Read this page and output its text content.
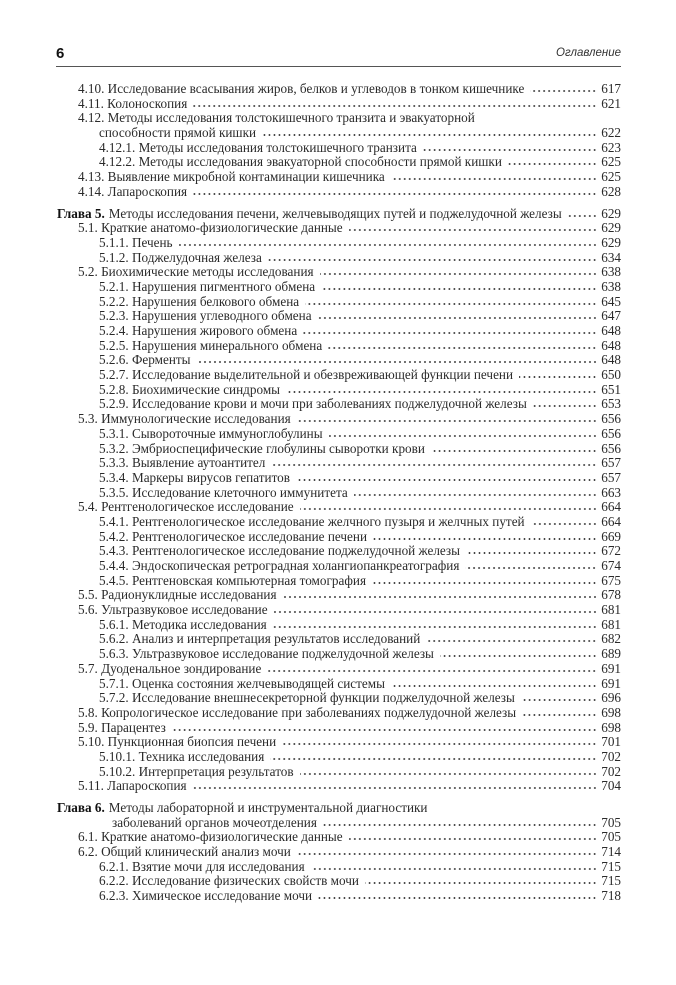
6	Оглавление
4.10. Исследование всасывания жиров, белков и углеводов в тонком кишечнике	617
4.11. Колоноскопия	621
4.12. Методы исследования толстокишечного транзита и эвакуаторной
способности прямой кишки	622
4.12.1. Методы исследования толстокишечного транзита	623
4.12.2. Методы исследования эвакуаторной способности прямой кишки	625
4.13. Выявление микробной контаминации кишечника	625
4.14. Лапароскопия	628
Глава 5. Методы исследования печени, желчевыводящих путей и поджелудочной железы	629
5.1. Краткие анатомо-физиологические данные	629
5.1.1. Печень	629
5.1.2. Поджелудочная железа	634
5.2. Биохимические методы исследования	638
5.2.1. Нарушения пигментного обмена	638
5.2.2. Нарушения белкового обмена	645
5.2.3. Нарушения углеводного обмена	647
5.2.4. Нарушения жирового обмена	648
5.2.5. Нарушения минерального обмена	648
5.2.6. Ферменты	648
5.2.7. Исследование выделительной и обезвреживающей функции печени	650
5.2.8. Биохимические синдромы	651
5.2.9. Исследование крови и мочи при заболеваниях поджелудочной железы	653
5.3. Иммунологические исследования	656
5.3.1. Сывороточные иммуноглобулины	656
5.3.2. Эмбриоспецифические глобулины сыворотки крови	656
5.3.3. Выявление аутоантител	657
5.3.4. Маркеры вирусов гепатитов	657
5.3.5. Исследование клеточного иммунитета	663
5.4. Рентгенологическое исследование	664
5.4.1. Рентгенологическое исследование желчного пузыря и желчных путей	664
5.4.2. Рентгенологическое исследование печени	669
5.4.3. Рентгенологическое исследование поджелудочной железы	672
5.4.4. Эндоскопическая ретроградная холангиопанкреатография	674
5.4.5. Рентгеновская компьютерная томография	675
5.5. Радионуклидные исследования	678
5.6. Ультразвуковое исследование	681
5.6.1. Методика исследования	681
5.6.2. Анализ и интерпретация результатов исследований	682
5.6.3. Ультразвуковое исследование поджелудочной железы	689
5.7. Дуоденальное зондирование	691
5.7.1. Оценка состояния желчевыводящей системы	691
5.7.2. Исследование внешнесекреторной функции поджелудочной железы	696
5.8. Копрологическое исследование при заболеваниях поджелудочной железы	698
5.9. Парацентез	698
5.10. Пункционная биопсия печени	701
5.10.1. Техника исследования	702
5.10.2. Интерпретация результатов	702
5.11. Лапароскопия	704
Глава 6. Методы лабораторной и инструментальной диагностики
заболеваний органов мочеотделения	705
6.1. Краткие анатомо-физиологические данные	705
6.2. Общий клинический анализ мочи	714
6.2.1. Взятие мочи для исследования	715
6.2.2. Исследование физических свойств мочи	715
6.2.3. Химическое исследование мочи	718
